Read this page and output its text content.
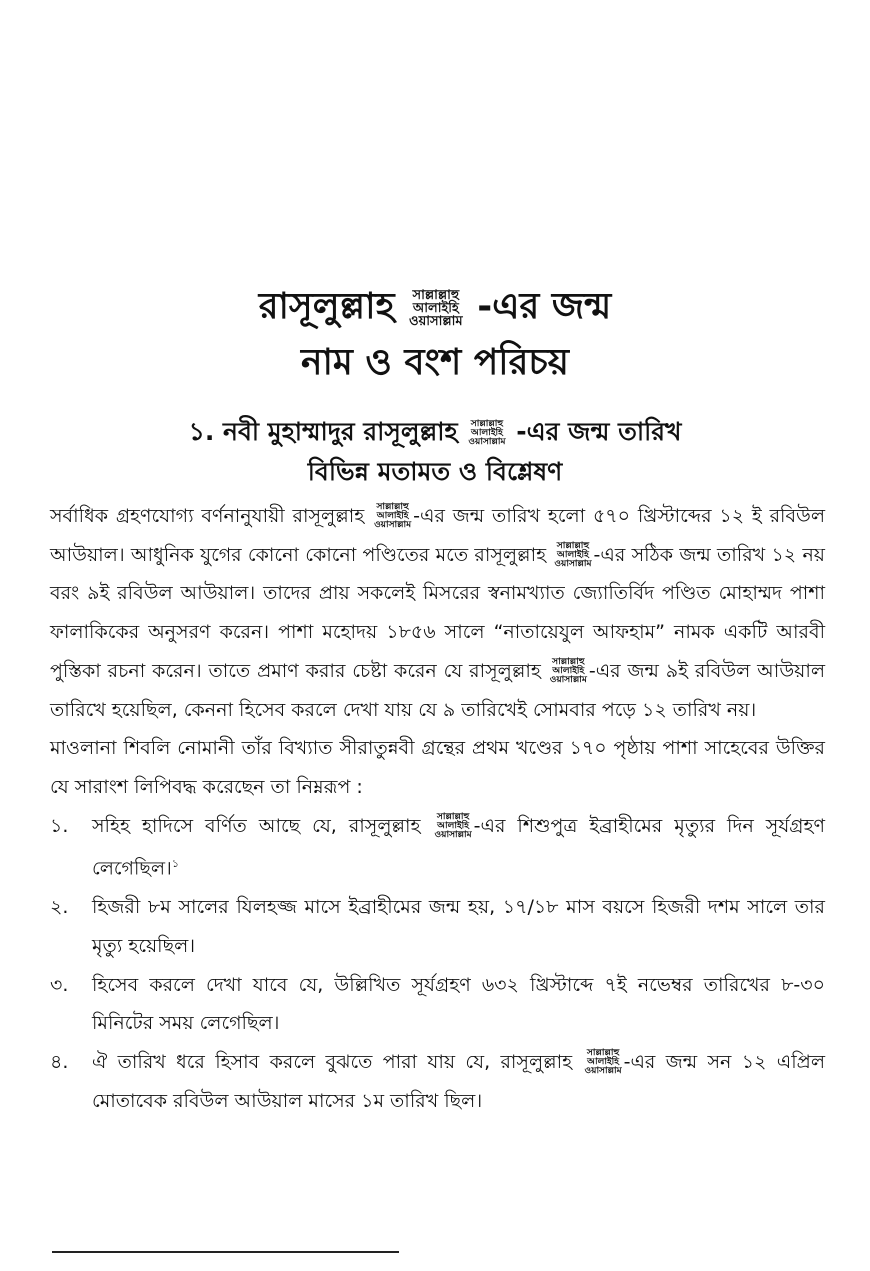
রাসূলুল্লাহ সাল্লাল্লাহু
আলাইহি
ওয়াসাল্লাম -এর জন্ম
নাম ও বংশ পরিচয়
১. নবী মুহাম্মাদুর রাসূলুল্লাহ সাল্লাল্লাহু
আলাইহি
ওয়াসাল্লাম -এর জন্ম তারিখ
বিভিন্ন মতামত ও বিশ্লেষণ

সর্বাধিক গ্রহণযোগ্য বর্ণনানুযায়ী রাসূলুল্লাহ সাল্লাল্লাহু
আলাইহি
ওয়াসাল্লাম -এর জন্ম তারিখ হলো ৫৭০ খ্রিস্টাব্দের ১২ ই রবিউল আউয়াল। আধুনিক যুগের কোনো কোনো পণ্ডিতের মতে রাসূলুল্লাহ সাল্লাল্লাহু
আলাইহি
ওয়াসাল্লাম -এর সঠিক জন্ম তারিখ ১২ নয় বরং ৯ই রবিউল আউয়াল। তাদের প্রায় সকলেই মিসরের স্বনামখ্যাত জ্যোতির্বিদ পণ্ডিত মোহাম্মদ পাশা ফালাকিকের অনুসরণ করেন। পাশা মহোদয় ১৮৫৬ সালে “নাতায়েযুল আফহাম” নামক একটি আরবী পুস্তিকা রচনা করেন। তাতে প্রমাণ করার চেষ্টা করেন যে রাসূলুল্লাহ সাল্লাল্লাহু
আলাইহি
ওয়াসাল্লাম -এর জন্ম ৯ই রবিউল আউয়াল তারিখে হয়েছিল, কেননা হিসেব করলে দেখা যায় যে ৯ তারিখেই সোমবার পড়ে ১২ তারিখ নয়।

মাওলানা শিবলি নোমানী তাঁর বিখ্যাত সীরাতুন্নবী গ্রন্থের প্রথম খণ্ডের ১৭০ পৃষ্ঠায় পাশা সাহেবের উক্তির যে সারাংশ লিপিবদ্ধ করেছেন তা নিম্নরূপ :

১. সহিহ হাদিসে বর্ণিত আছে যে, রাসূলুল্লাহ সাল্লাল্লাহু
আলাইহি
ওয়াসাল্লাম -এর শিশুপুত্র ইব্রাহীমের মৃত্যুর দিন সূর্যগ্রহণ লেগেছিল।$^১$
২. হিজরী ৮ম সালের যিলহজ্জ মাসে ইব্রাহীমের জন্ম হয়, ১৭/১৮ মাস বয়সে হিজরী দশম সালে তার মৃত্যু হয়েছিল।
৩. হিসেব করলে দেখা যাবে যে, উল্লিখিত সূর্যগ্রহণ ৬৩২ খ্রিস্টাব্দে ৭ই নভেম্বর তারিখের ৮-৩০ মিনিটের সময় লেগেছিল।
৪. ঐ তারিখ ধরে হিসাব করলে বুঝতে পারা যায় যে, রাসূলুল্লাহ সাল্লাল্লাহু
আলাইহি
ওয়াসাল্লাম -এর জন্ম সন ১২ এপ্রিল মোতাবেক রবিউল আউয়াল মাসের ১ম তারিখ ছিল।
